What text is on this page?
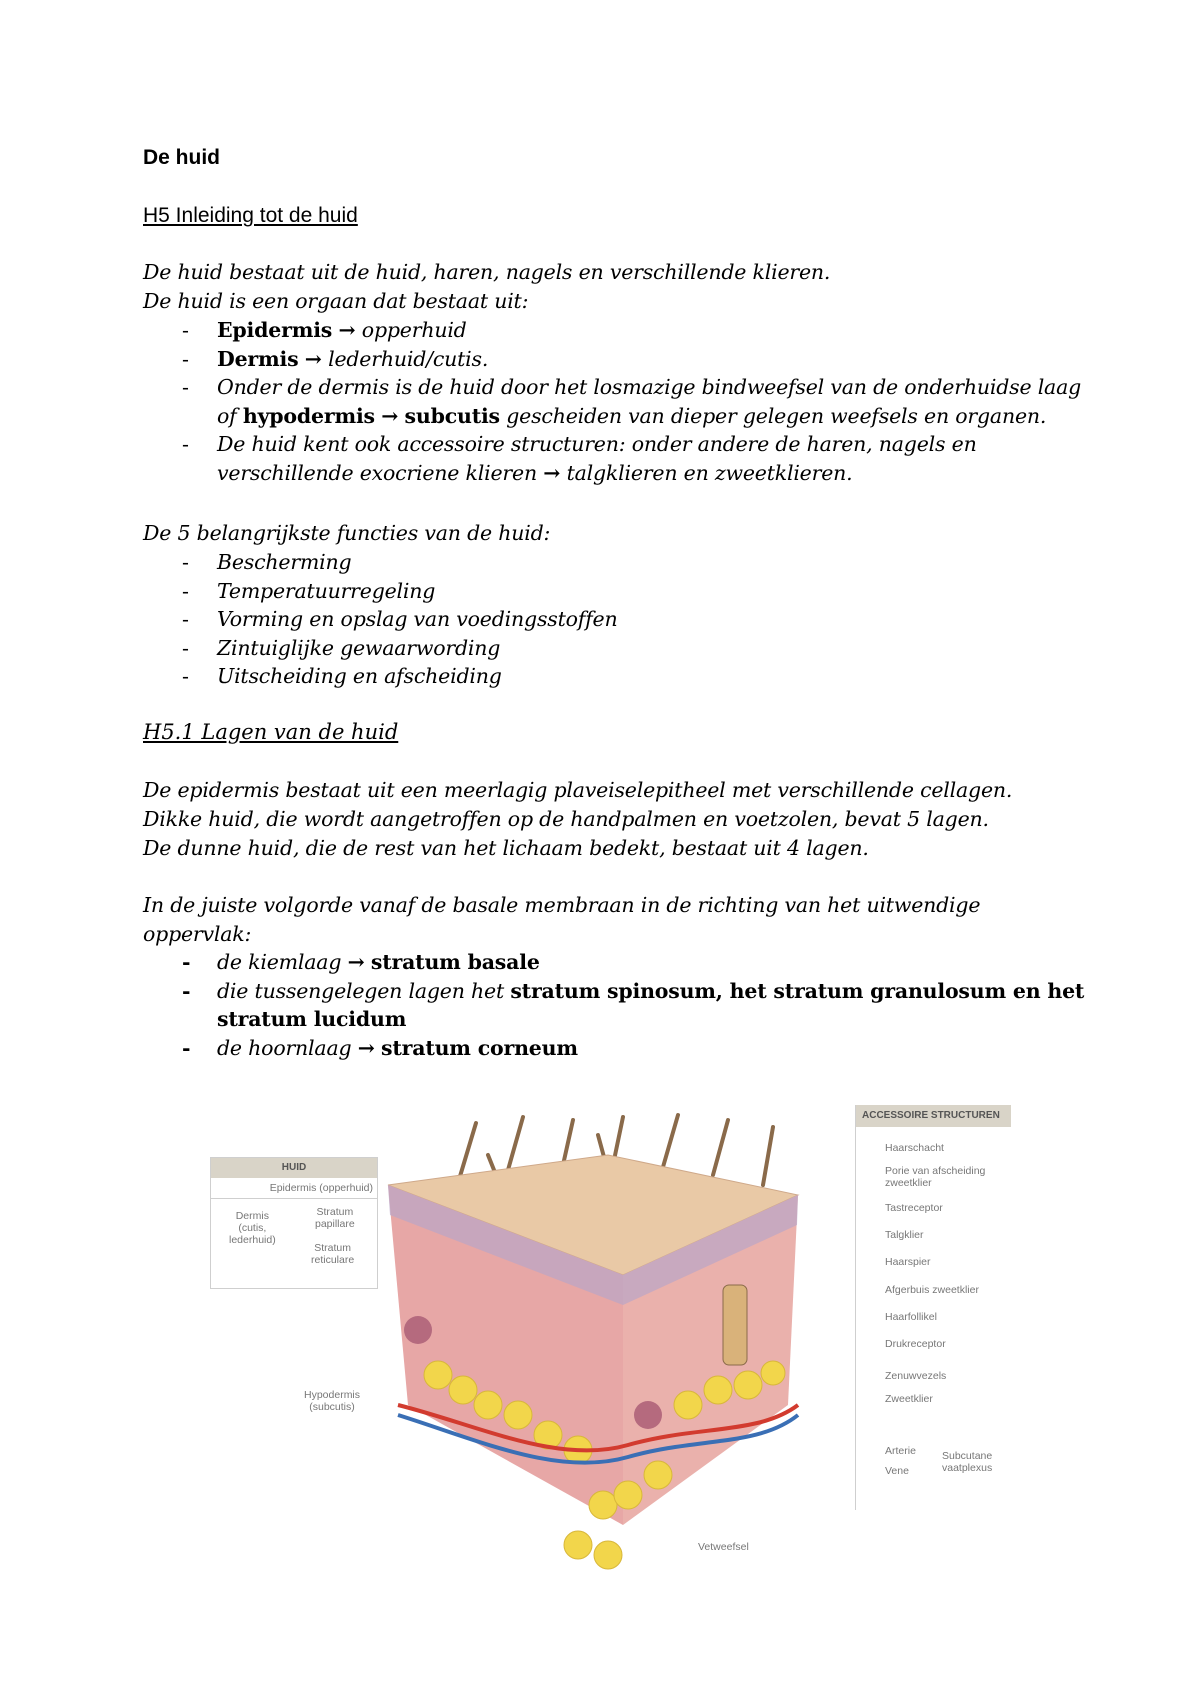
De huid
H5 Inleiding tot de huid
De huid bestaat uit de huid, haren, nagels en verschillende klieren.
De huid is een orgaan dat bestaat uit:
- Epidermis → opperhuid
- Dermis → lederhuid/cutis.
- Onder de dermis is de huid door het losmazige bindweefsel van de onderhuidse laag
of hypodermis → subcutis gescheiden van dieper gelegen weefsels en organen.
- De huid kent ook accessoire structuren: onder andere de haren, nagels en
verschillende exocriene klieren → talgklieren en zweetklieren.
De 5 belangrijkste functies van de huid:
- Bescherming
- Temperatuurregeling
- Vorming en opslag van voedingsstoffen
- Zintuiglijke gewaarwording
- Uitscheiding en afscheiding
H5.1 Lagen van de huid
De epidermis bestaat uit een meerlagig plaveiselepitheel met verschillende cellagen.
Dikke huid, die wordt aangetroffen op de handpalmen en voetzolen, bevat 5 lagen.
De dunne huid, die de rest van het lichaam bedekt, bestaat uit 4 lagen.
In de juiste volgorde vanaf de basale membraan in de richting van het uitwendige
oppervlak:
- de kiemlaag → stratum basale
- die tussengelegen lagen het stratum spinosum, het stratum granulosum en het
stratum lucidum
- de hoornlaag → stratum corneum
HUID
Epidermis (opperhuid)
Dermis
(cutis,
lederhuid)
Stratum
papillare
Stratum
reticulare
Hypodermis
(subcutis)
ACCESSOIRE STRUCTUREN
Haarschacht
Porie van afscheiding
zweetklier
Tastreceptor
Talgklier
Haarspier
Afgerbuis zweetklier
Haarfollikel
Drukreceptor
Zenuwvezels
Zweetklier
Arterie
Vene
Subcutane
vaatplexus
Vetweefsel
